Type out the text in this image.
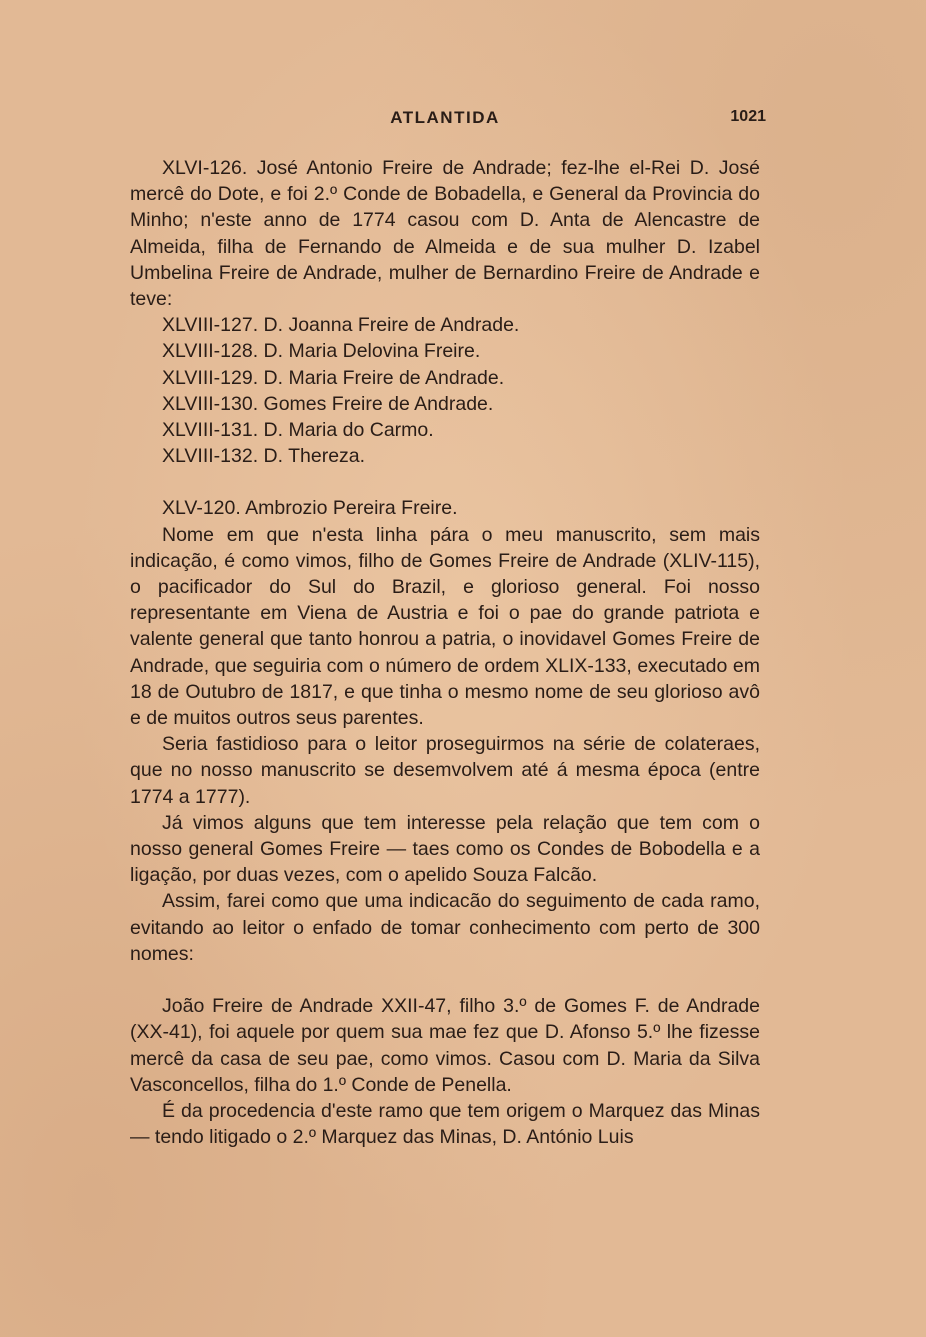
ATLANTIDA	1021

XLVI-126. José Antonio Freire de Andrade; fez-lhe el-Rei D. José mercê do Dote, e foi 2.º Conde de Bobadella, e General da Provincia do Minho; n'este anno de 1774 casou com D. Anta de Alencastre de Almeida, filha de Fernando de Almeida e de sua mulher D. Izabel Umbelina Freire de Andrade, mulher de Bernardino Freire de Andrade e teve:

XLVIII-127. D. Joanna Freire de Andrade.
XLVIII-128. D. Maria Delovina Freire.
XLVIII-129. D. Maria Freire de Andrade.
XLVIII-130. Gomes Freire de Andrade.
XLVIII-131. D. Maria do Carmo.
XLVIII-132. D. Thereza.

XLV-120. Ambrozio Pereira Freire.

Nome em que n'esta linha pára o meu manuscrito, sem mais indicação, é como vimos, filho de Gomes Freire de Andrade (XLIV-115), o pacificador do Sul do Brazil, e glorioso general. Foi nosso representante em Viena de Austria e foi o pae do grande patriota e valente general que tanto honrou a patria, o inovidavel Gomes Freire de Andrade, que seguiria com o número de ordem XLIX-133, executado em 18 de Outubro de 1817, e que tinha o mesmo nome de seu glorioso avô e de muitos outros seus parentes.

Seria fastidioso para o leitor proseguirmos na série de colateraes, que no nosso manuscrito se desemvolvem até á mesma época (entre 1774 a 1777).

Já vimos alguns que tem interesse pela relação que tem com o nosso general Gomes Freire — taes como os Condes de Bobodella e a ligação, por duas vezes, com o apelido Souza Falcão.

Assim, farei como que uma indicacão do seguimento de cada ramo, evitando ao leitor o enfado de tomar conhecimento com perto de 300 nomes:

João Freire de Andrade XXII-47, filho 3.º de Gomes F. de Andrade (XX-41), foi aquele por quem sua mae fez que D. Afonso 5.º lhe fizesse mercê da casa de seu pae, como vimos. Casou com D. Maria da Silva Vasconcellos, filha do 1.º Conde de Penella.

É da procedencia d'este ramo que tem origem o Marquez das Minas — tendo litigado o 2.º Marquez das Minas, D. António Luis
